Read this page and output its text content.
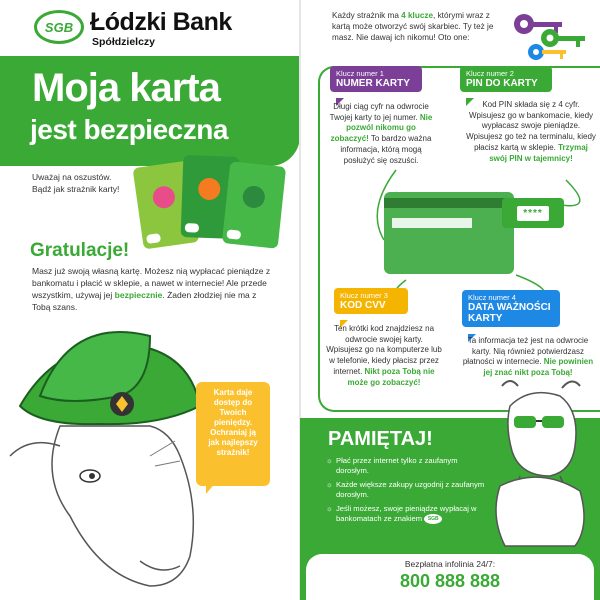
SGB Łódzki Bank
Spółdzielczy
Moja karta
jest bezpieczna
Uważaj na oszustów.
Bądź jak strażnik karty!
Gratulacje!
Masz już swoją własną kartę. Możesz nią wypłacać pieniądze z bankomatu i płacić w sklepie, a nawet w internecie! Ale przede wszystkim, używaj jej bezpiecznie. Żaden złodziej nie ma z Tobą szans.
Karta daje
dostęp do
Twoich
pieniędzy.
Ochraniaj ją
jak najlepszy
strażnik!
Każdy strażnik ma 4 klucze, którymi wraz z kartą może otworzyć swój skarbiec. Ty też je masz. Nie dawaj ich nikomu! Oto one:
Klucz numer 1
NUMER KARTY
Długi ciąg cyfr na odwrocie Twojej karty to jej numer. Nie pozwól nikomu go zobaczyć! To bardzo ważna informacja, którą mogą posłużyć się oszuści.
Klucz numer 2
PIN DO KARTY
Kod PIN składa się z 4 cyfr. Wpisujesz go w bankomacie, kiedy wypłacasz swoje pieniądze. Wpisujesz go też na terminalu, kiedy płacisz kartą w sklepie. Trzymaj swój PIN w tajemnicy!
****
Klucz numer 3
KOD CVV
Ten krótki kod znajdziesz na odwrocie swojej karty. Wpisujesz go na komputerze lub w telefonie, kiedy płacisz przez internet. Nikt poza Tobą nie może go zobaczyć!
Klucz numer 4
DATA WAŻNOŚCI
KARTY
Ta informacja też jest na odwrocie karty. Nią również potwierdzasz płatności w internecie. Nie powinien jej znać nikt poza Tobą!
PAMIĘTAJ!
☼ Płać przez internet tylko z zaufanym dorosłym.
☼ Każde większe zakupy uzgodnij z zaufanym dorosłym.
☼ Jeśli możesz, swoje pieniądze wypłacaj w bankomatach ze znakiem SGB
Bezpłatna infolinia 24/7:
800 888 888
